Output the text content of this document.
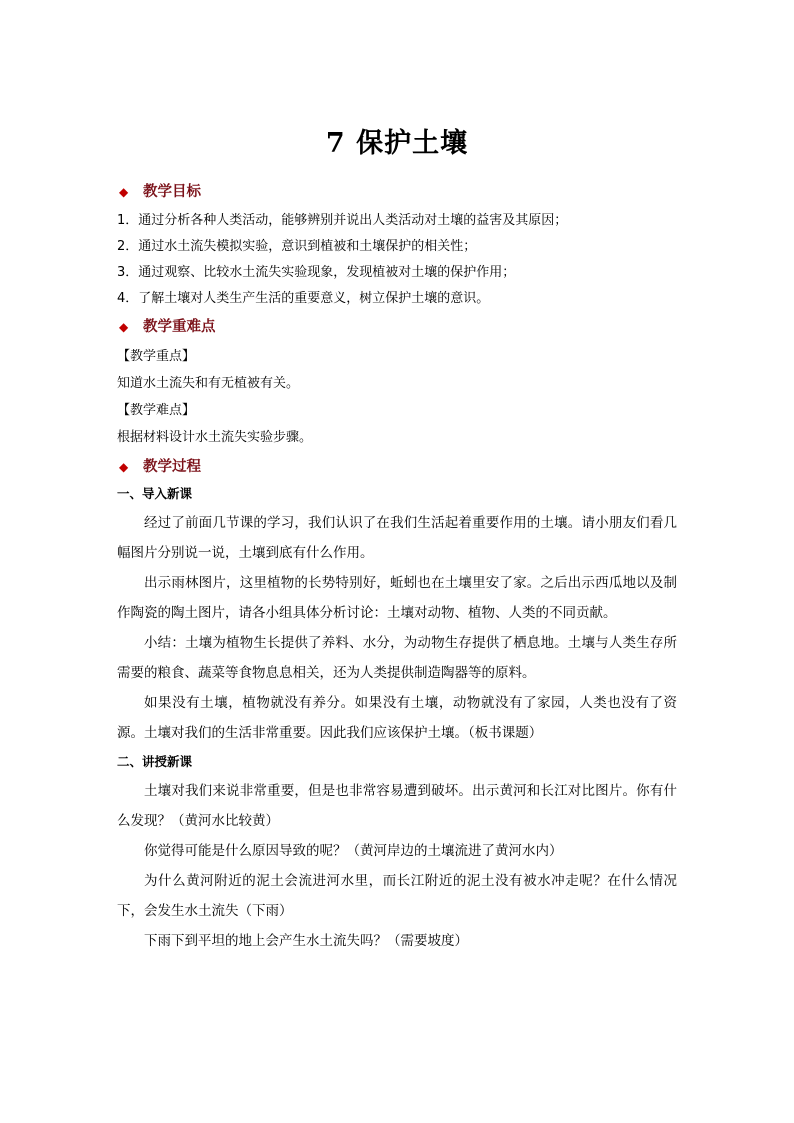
7 保护土壤
◆ 教学目标
1．通过分析各种人类活动，能够辨别并说出人类活动对土壤的益害及其原因；
2．通过水土流失模拟实验，意识到植被和土壤保护的相关性；
3．通过观察、比较水土流失实验现象，发现植被对土壤的保护作用；
4．了解土壤对人类生产生活的重要意义，树立保护土壤的意识。
◆ 教学重难点
【教学重点】
知道水土流失和有无植被有关。
【教学难点】
根据材料设计水土流失实验步骤。
◆ 教学过程
一、导入新课

经过了前面几节课的学习，我们认识了在我们生活起着重要作用的土壤。请小朋友们看几幅图片分别说一说，土壤到底有什么作用。

出示雨林图片，这里植物的长势特别好，蚯蚓也在土壤里安了家。之后出示西瓜地以及制作陶瓷的陶土图片，请各小组具体分析讨论：土壤对动物、植物、人类的不同贡献。

小结：土壤为植物生长提供了养料、水分，为动物生存提供了栖息地。土壤与人类生存所需要的粮食、蔬菜等食物息息相关，还为人类提供制造陶器等的原料。

如果没有土壤，植物就没有养分。如果没有土壤，动物就没有了家园，人类也没有了资源。土壤对我们的生活非常重要。因此我们应该保护土壤。（板书课题）

二、讲授新课

土壤对我们来说非常重要，但是也非常容易遭到破坏。出示黄河和长江对比图片。你有什么发现？（黄河水比较黄）

你觉得可能是什么原因导致的呢？（黄河岸边的土壤流进了黄河水内）

为什么黄河附近的泥土会流进河水里，而长江附近的泥土没有被水冲走呢？在什么情况下，会发生水土流失（下雨）

下雨下到平坦的地上会产生水土流失吗？（需要坡度）
